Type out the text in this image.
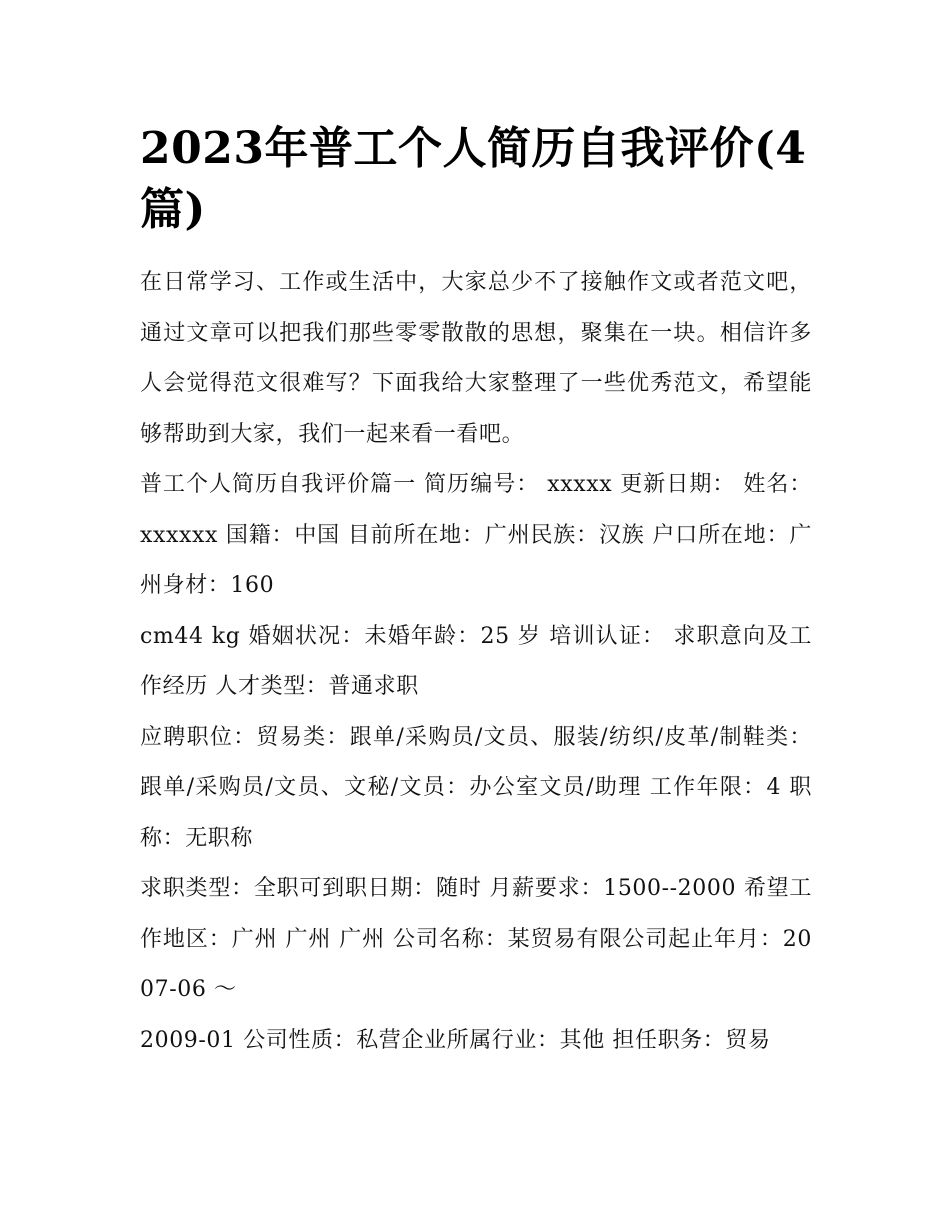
2023年普工个人简历自我评价(4篇)

在日常学习、工作或生活中，大家总少不了接触作文或者范文吧，通过文章可以把我们那些零零散散的思想，聚集在一块。相信许多人会觉得范文很难写？下面我给大家整理了一些优秀范文，希望能够帮助到大家，我们一起来看一看吧。

普工个人简历自我评价篇一 简历编号： xxxxx 更新日期： 姓名：xxxxxx 国籍：中国 目前所在地：广州民族：汉族 户口所在地：广州身材：160

cm44 kg 婚姻状况：未婚年龄：25 岁 培训认证： 求职意向及工作经历 人才类型：普通求职

应聘职位：贸易类：跟单/采购员/文员、服装/纺织/皮革/制鞋类：跟单/采购员/文员、文秘/文员：办公室文员/助理 工作年限：4 职称：无职称

求职类型：全职可到职日期：随时 月薪要求：1500--2000 希望工作地区：广州 广州 广州 公司名称：某贸易有限公司起止年月：2007-06 ～

2009-01 公司性质：私营企业所属行业：其他 担任职务：贸易
